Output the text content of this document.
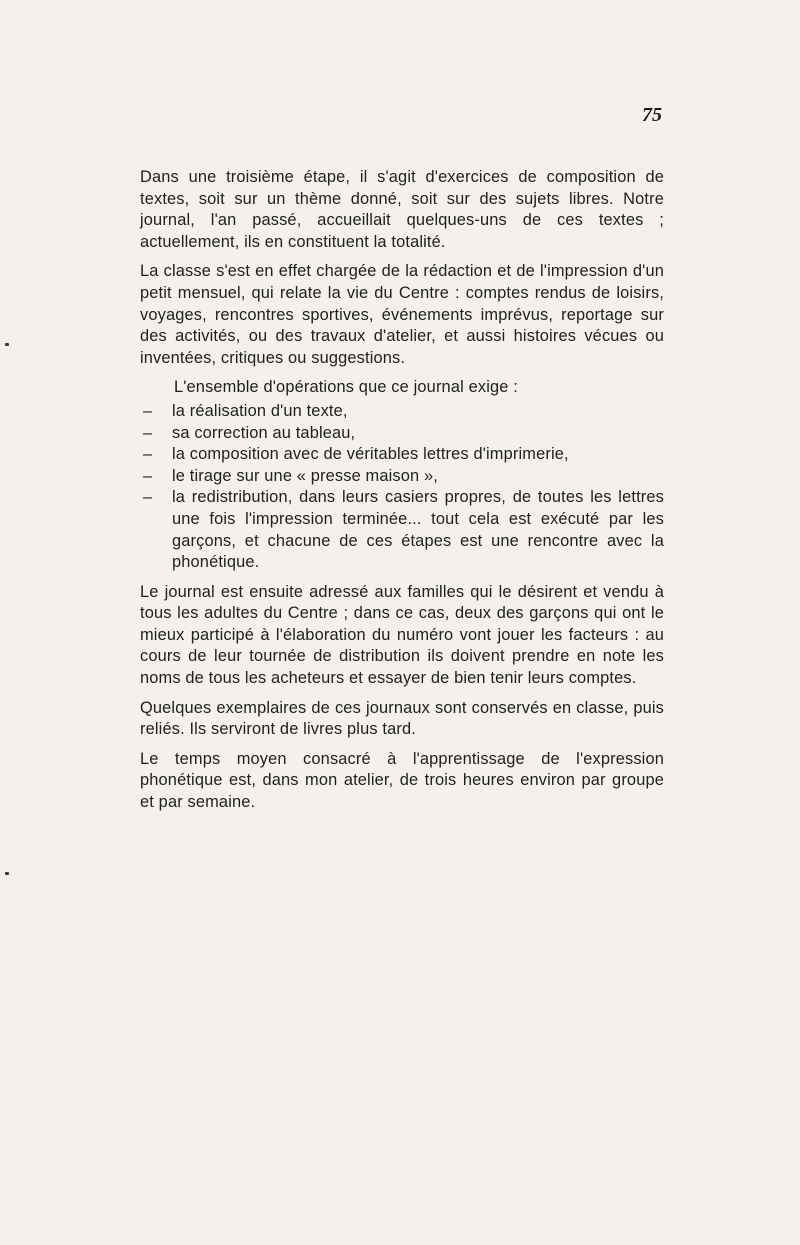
75

Dans une troisième étape, il s'agit d'exercices de composition de textes, soit sur un thème donné, soit sur des sujets libres. Notre journal, l'an passé, accueillait quelques-uns de ces textes ; actuellement, ils en constituent la totalité.

La classe s'est en effet chargée de la rédaction et de l'impression d'un petit mensuel, qui relate la vie du Centre : comptes rendus de loisirs, voyages, rencontres sportives, événements imprévus, reportage sur des activités, ou des travaux d'atelier, et aussi histoires vécues ou inventées, critiques ou suggestions.

L'ensemble d'opérations que ce journal exige :

– la réalisation d'un texte,
– sa correction au tableau,
– la composition avec de véritables lettres d'imprimerie,
– le tirage sur une « presse maison »,
– la redistribution, dans leurs casiers propres, de toutes les lettres une fois l'impression terminée... tout cela est exécuté par les garçons, et chacune de ces étapes est une rencontre avec la phonétique.

Le journal est ensuite adressé aux familles qui le désirent et vendu à tous les adultes du Centre ; dans ce cas, deux des garçons qui ont le mieux participé à l'élaboration du numéro vont jouer les facteurs : au cours de leur tournée de distribution ils doivent prendre en note les noms de tous les acheteurs et essayer de bien tenir leurs comptes.

Quelques exemplaires de ces journaux sont conservés en classe, puis reliés. Ils serviront de livres plus tard.

Le temps moyen consacré à l'apprentissage de l'expression phonétique est, dans mon atelier, de trois heures environ par groupe et par semaine.
